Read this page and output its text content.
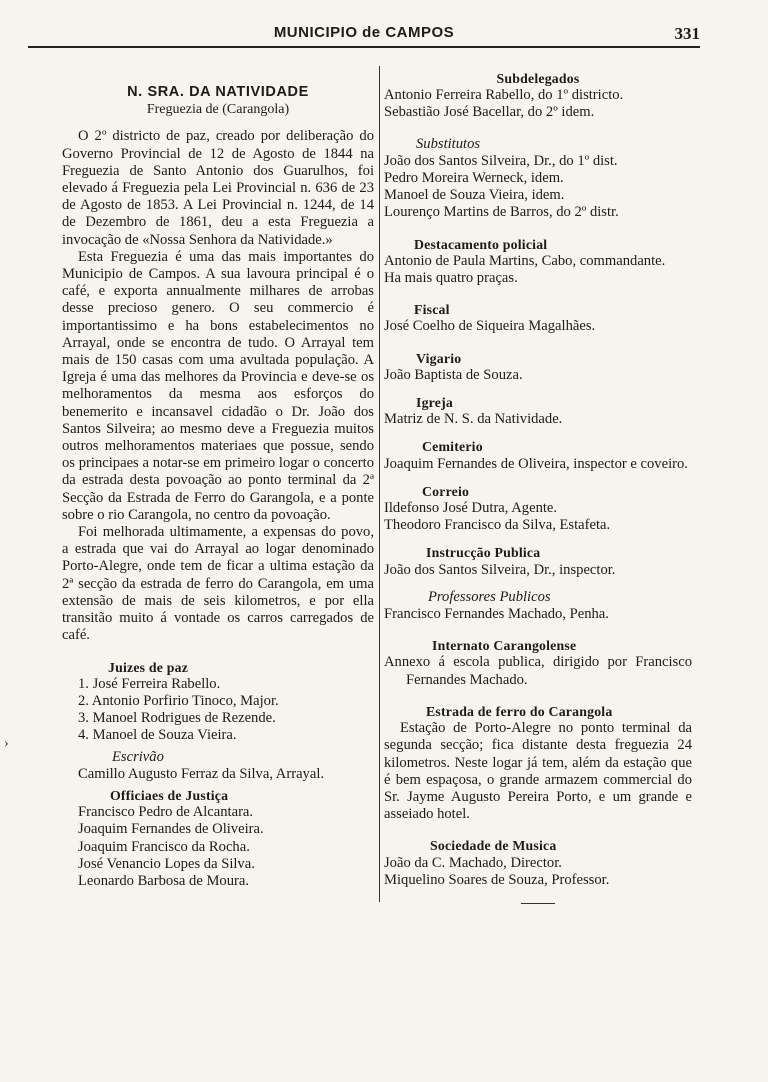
MUNICIPIO de CAMPOS	331
›
N. SRA. DA NATIVIDADE
Freguezia de (Carangola)

O 2º districto de paz, creado por deliberação do Governo Provincial de 12 de Agosto de 1844 na Freguezia de Santo Antonio dos Guarulhos, foi elevado á Freguezia pela Lei Provincial n. 636 de 23 de Agosto de 1853. A Lei Provincial n. 1244, de 14 de Dezembro de 1861, deu a esta Freguezia a invocação de «Nossa Senhora da Natividade.»

Esta Freguezia é uma das mais importantes do Municipio de Campos. A sua lavoura principal é o café, e exporta annualmente milhares de arrobas desse precioso genero. O seu commercio é importantissimo e ha bons estabelecimentos no Arrayal, onde se encontra de tudo. O Arrayal tem mais de 150 casas com uma avultada população. A Igreja é uma das melhores da Provincia e deve-se os melhoramentos da mesma aos esforços do benemerito e incansavel cidadão o Dr. João dos Santos Silveira; ao mesmo deve a Freguezia muitos outros melhoramentos materiaes que possue, sendo os principaes a notar-se em primeiro logar o concerto da estrada desta povoação ao ponto terminal da 2ª Secção da Estrada de Ferro do Garangola, e a ponte sobre o rio Carangola, no centro da povoação.

Foi melhorada ultimamente, a expensas do povo, a estrada que vai do Arrayal ao logar denominado Porto-Alegre, onde tem de ficar a ultima estação da 2ª secção da estrada de ferro do Carangola, em uma extensão de mais de seis kilometros, e por ella transitão muito á vontade os carros carregados de café.

Juizes de paz
1. José Ferreira Rabello.
2. Antonio Porfirio Tinoco, Major.
3. Manoel Rodrigues de Rezende.
4. Manoel de Souza Vieira.
Escrivão
Camillo Augusto Ferraz da Silva, Arrayal.
Officiaes de Justiça
Francisco Pedro de Alcantara.
Joaquim Fernandes de Oliveira.
Joaquim Francisco da Rocha.
José Venancio Lopes da Silva.
Leonardo Barbosa de Moura.
Subdelegados
Antonio Ferreira Rabello, do 1º districto.
Sebastião José Bacellar, do 2º idem.
Substitutos
João dos Santos Silveira, Dr., do 1º dist.
Pedro Moreira Werneck, idem.
Manoel de Souza Vieira, idem.
Lourenço Martins de Barros, do 2º distr.
Destacamento policial
Antonio de Paula Martins, Cabo, commandante.
Ha mais quatro praças.
Fiscal
José Coelho de Siqueira Magalhães.
Vigario
João Baptista de Souza.
Igreja
Matriz de N. S. da Natividade.
Cemiterio
Joaquim Fernandes de Oliveira, inspector e coveiro.
Correio
Ildefonso José Dutra, Agente.
Theodoro Francisco da Silva, Estafeta.
Instrucção Publica
João dos Santos Silveira, Dr., inspector.
Professores Publicos
Francisco Fernandes Machado, Penha.
Internato Carangolense
Annexo á escola publica, dirigido por Francisco Fernandes Machado.
Estrada de ferro do Carangola

Estação de Porto-Alegre no ponto terminal da segunda secção; fica distante desta freguezia 24 kilometros. Neste logar já tem, além da estação que é bem espaçosa, o grande armazem commercial do Sr. Jayme Augusto Pereira Porto, e um grande e asseiado hotel.

Sociedade de Musica
João da C. Machado, Director.
Miquelino Soares de Souza, Professor.
